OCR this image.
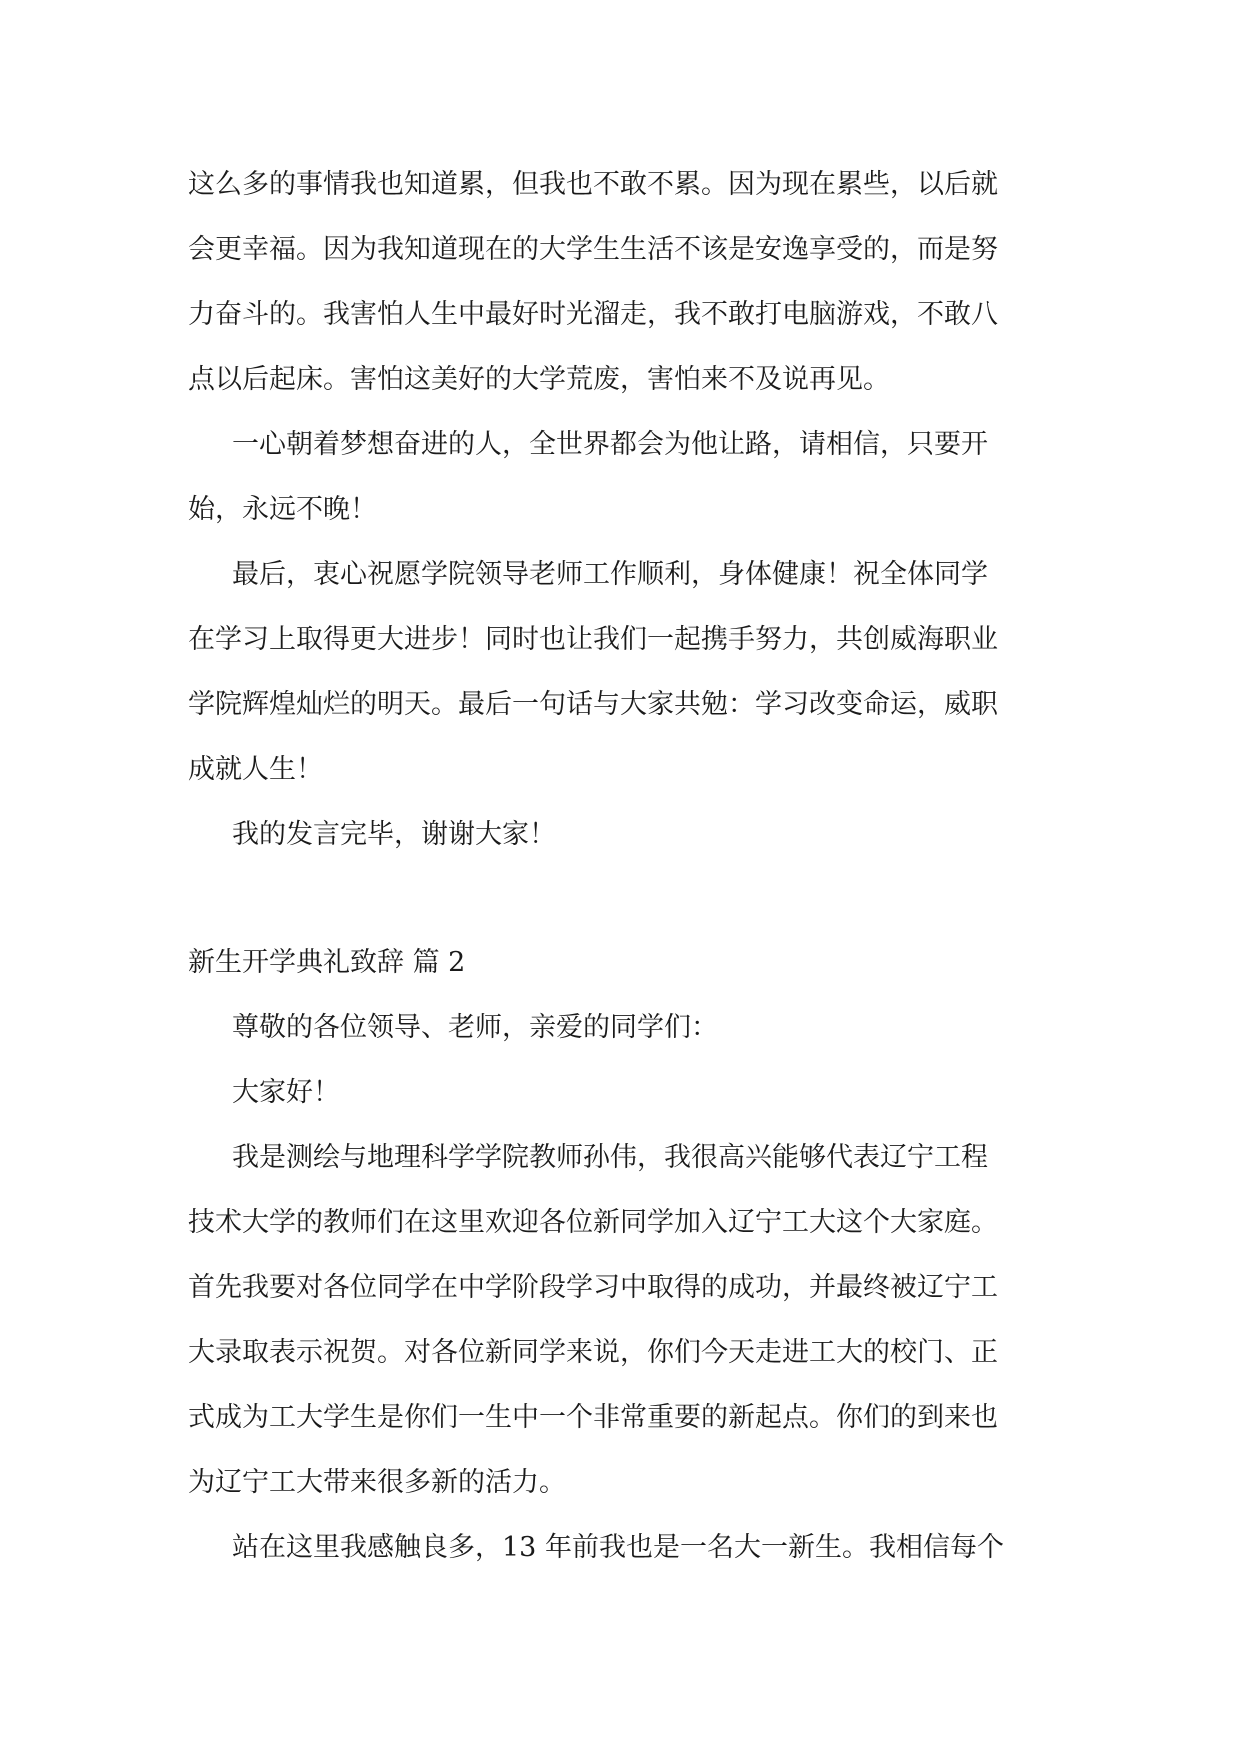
这么多的事情我也知道累，但我也不敢不累。因为现在累些，以后就
会更幸福。因为我知道现在的大学生生活不该是安逸享受的，而是努
力奋斗的。我害怕人生中最好时光溜走，我不敢打电脑游戏，不敢八
点以后起床。害怕这美好的大学荒废，害怕来不及说再见。
一心朝着梦想奋进的人，全世界都会为他让路，请相信，只要开
始，永远不晚！
最后，衷心祝愿学院领导老师工作顺利，身体健康！祝全体同学
在学习上取得更大进步！同时也让我们一起携手努力，共创威海职业
学院辉煌灿烂的明天。最后一句话与大家共勉：学习改变命运，威职
成就人生！
我的发言完毕，谢谢大家！
新生开学典礼致辞 篇 2
尊敬的各位领导、老师，亲爱的同学们：
大家好！
我是测绘与地理科学学院教师孙伟，我很高兴能够代表辽宁工程
技术大学的教师们在这里欢迎各位新同学加入辽宁工大这个大家庭。
首先我要对各位同学在中学阶段学习中取得的成功，并最终被辽宁工
大录取表示祝贺。对各位新同学来说，你们今天走进工大的校门、正
式成为工大学生是你们一生中一个非常重要的新起点。你们的到来也
为辽宁工大带来很多新的活力。
站在这里我感触良多，13 年前我也是一名大一新生。我相信每个
